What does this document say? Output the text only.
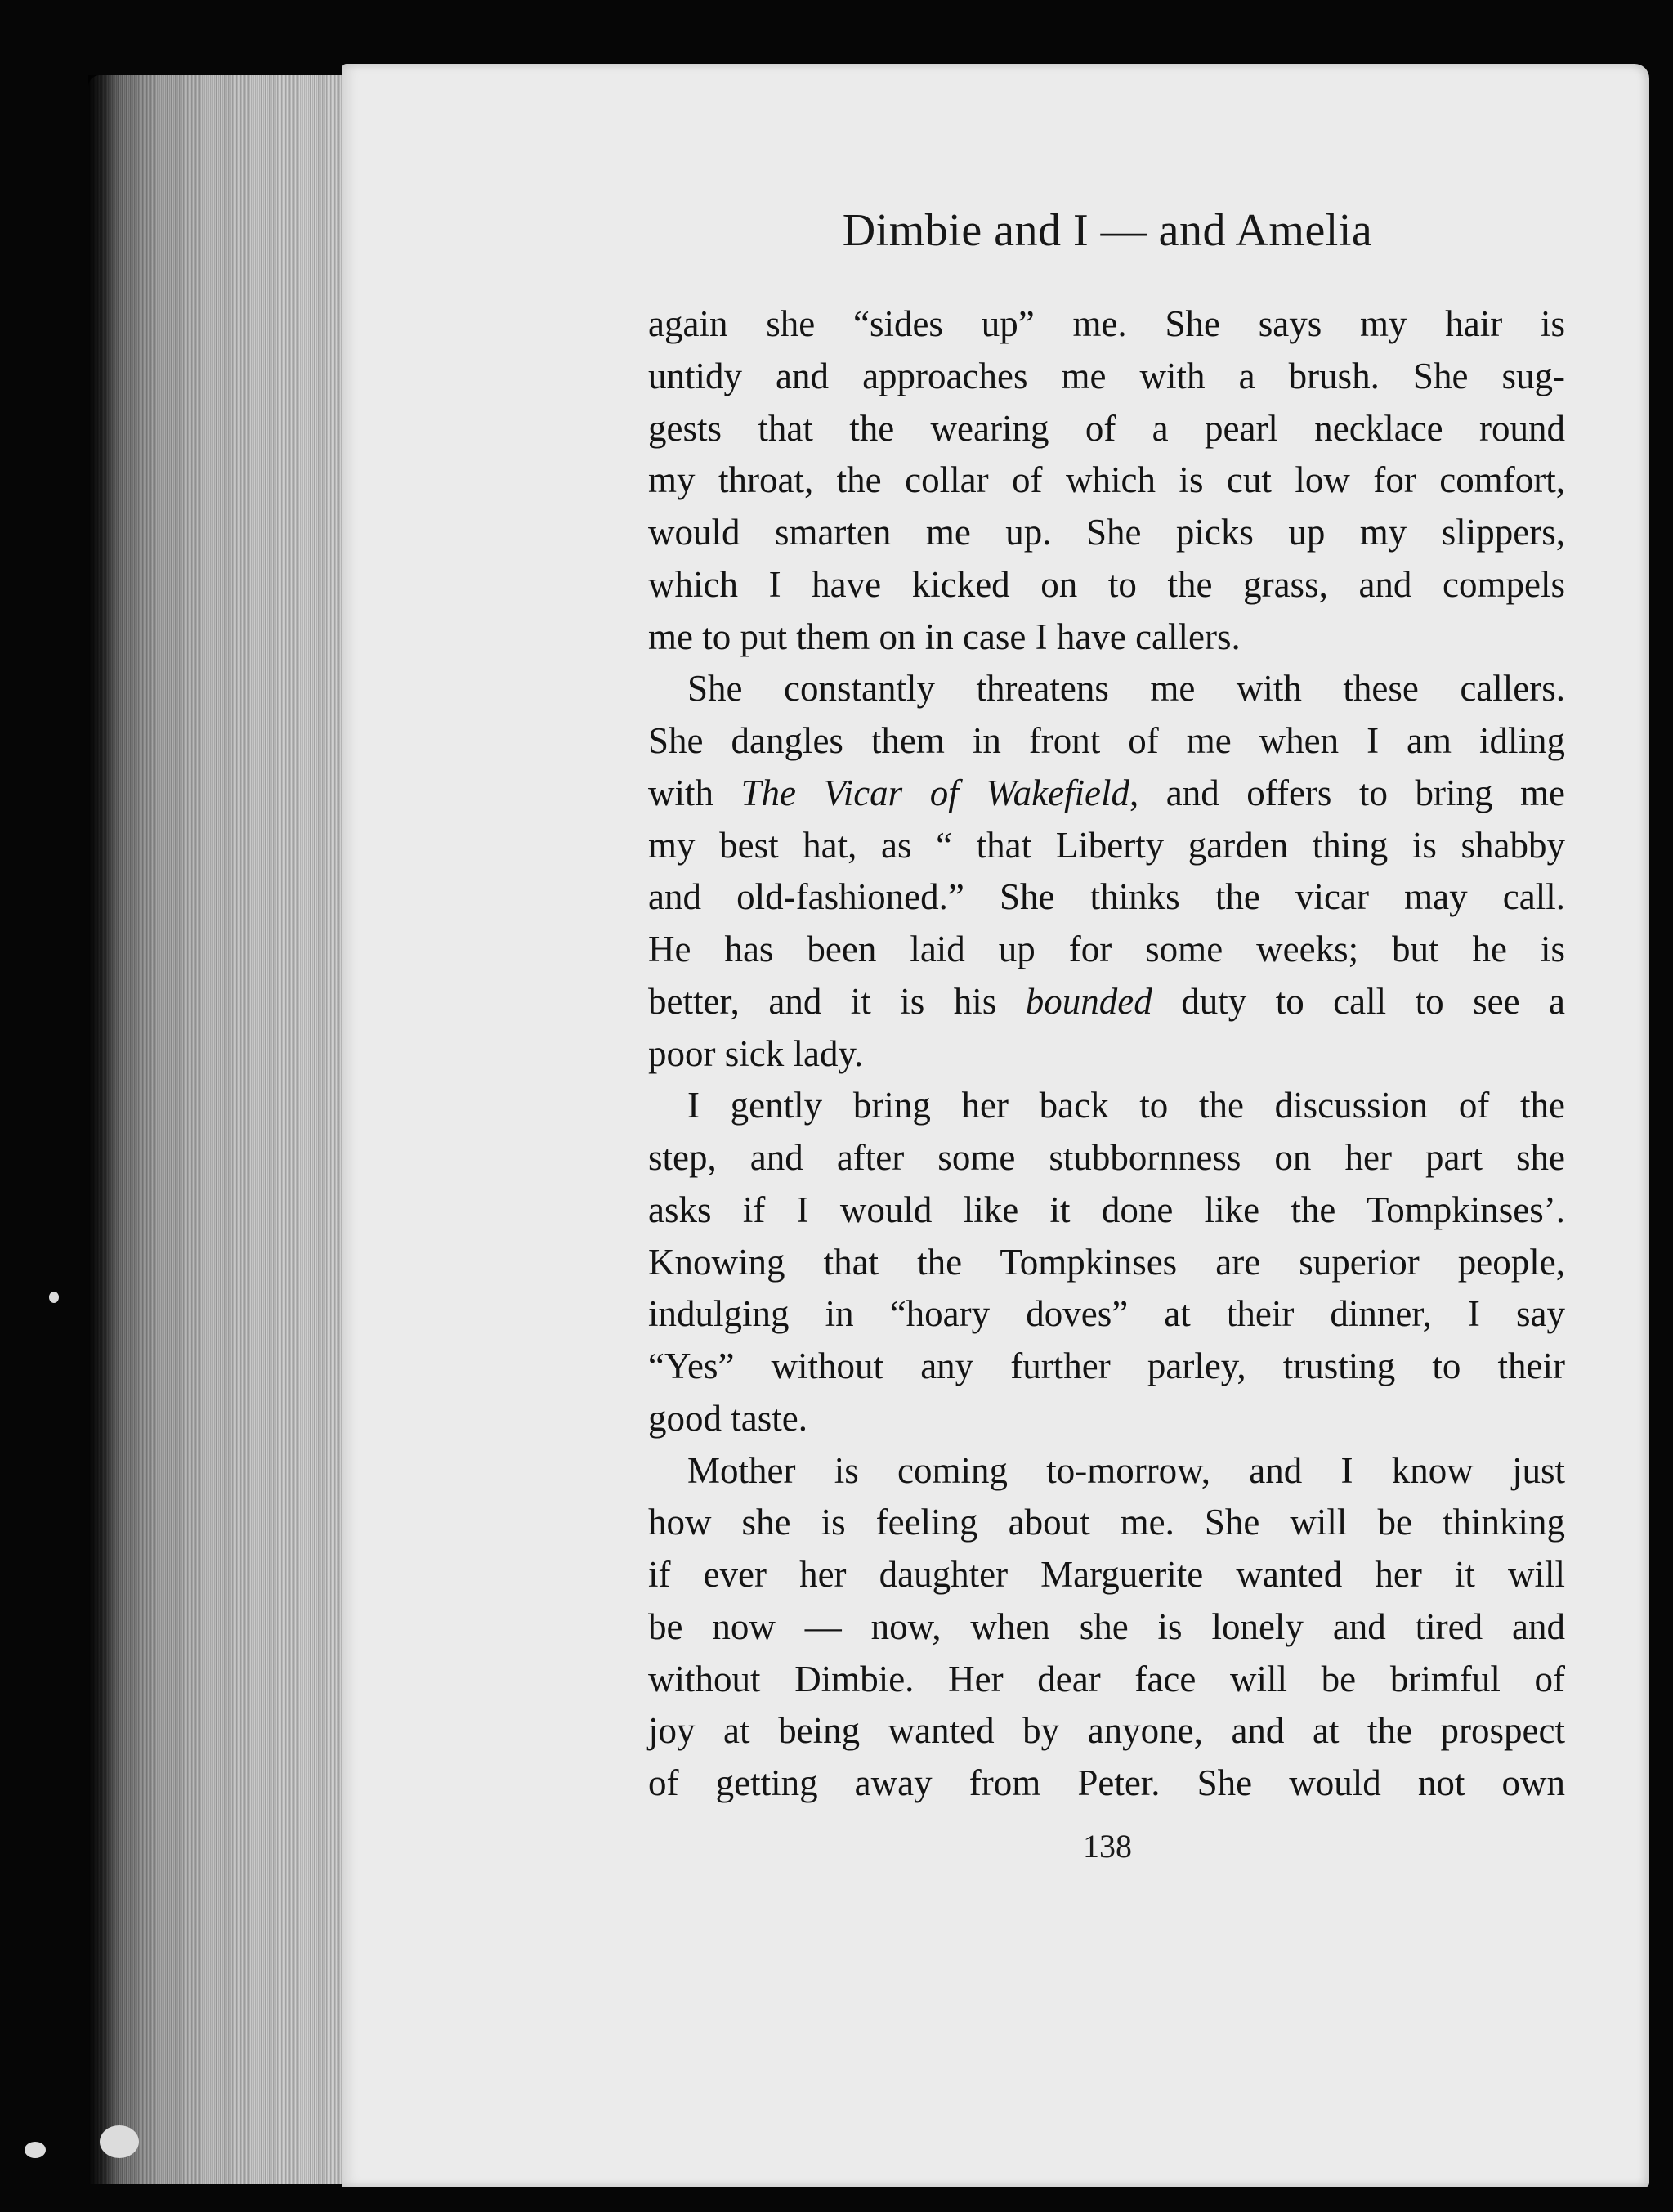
Dimbie and I — and Amelia
again she “sides up” me. She says my hair is
untidy and approaches me with a brush. She sug-
gests that the wearing of a pearl necklace round
my throat, the collar of which is cut low for comfort,
would smarten me up. She picks up my slippers,
which I have kicked on to the grass, and compels
me to put them on in case I have callers.
She constantly threatens me with these callers.
She dangles them in front of me when I am idling
with The Vicar of Wakefield, and offers to bring me
my best hat, as “ that Liberty garden thing is shabby
and old-fashioned.” She thinks the vicar may call.
He has been laid up for some weeks; but he is
better, and it is his bounded duty to call to see a
poor sick lady.
I gently bring her back to the discussion of the
step, and after some stubbornness on her part she
asks if I would like it done like the Tompkinses’.
Knowing that the Tompkinses are superior people,
indulging in “hoary doves” at their dinner, I say
“Yes” without any further parley, trusting to their
good taste.
Mother is coming to-morrow, and I know just
how she is feeling about me. She will be thinking
if ever her daughter Marguerite wanted her it will
be now — now, when she is lonely and tired and
without Dimbie. Her dear face will be brimful of
joy at being wanted by anyone, and at the prospect
of getting away from Peter. She would not own
138
